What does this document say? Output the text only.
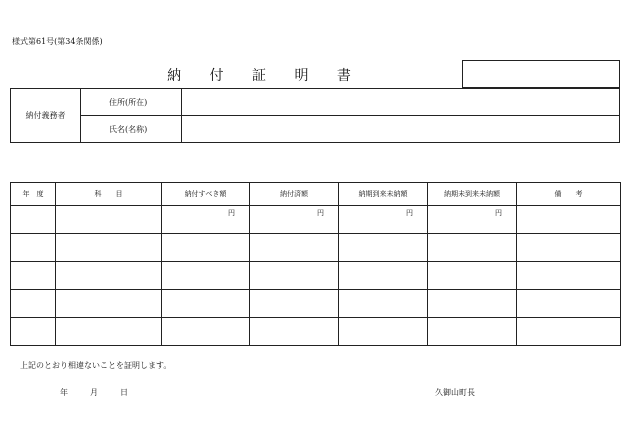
様式第61号(第34条関係)
納 付 証 明 書
納付義務者	住所(所在)	
	氏名(名称)	
年　度	科　　目	納付すべき額	納付済額	納期到来未納額	納期未到来未納額	備　　考
		円	円	円	円	

上記のとおり相違ないことを証明します。
年	月	日	久御山町長
